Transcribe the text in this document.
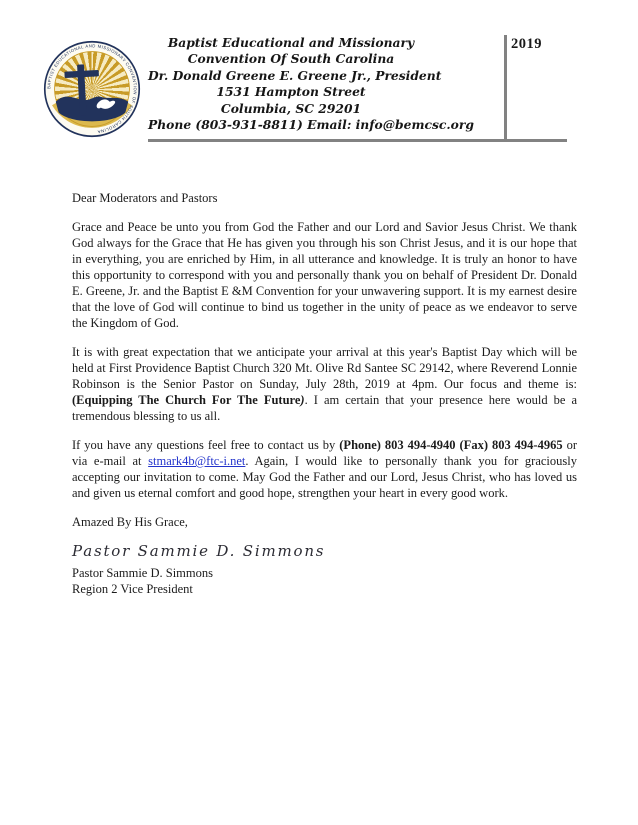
BAPTIST EDUCATIONAL AND MISSIONARY CONVENTION OF SOUTH CAROLINA
Baptist Educational and Missionary
Convention Of South Carolina
Dr. Donald Greene E. Greene Jr., President
1531 Hampton Street
Columbia, SC 29201
Phone (803-931-8811) Email: info@bemcsc.org
2019

Dear Moderators and Pastors

Grace and Peace be unto you from God the Father and our Lord and Savior Jesus Christ. We thank God always for the Grace that He has given you through his son Christ Jesus, and it is our hope that in everything, you are enriched by Him, in all utterance and knowledge. It is truly an honor to have this opportunity to correspond with you and personally thank you on behalf of President Dr. Donald E. Greene, Jr. and the Baptist E &M Convention for your unwavering support. It is my earnest desire that the love of God will continue to bind us together in the unity of peace as we endeavor to serve the Kingdom of God.

It is with great expectation that we anticipate your arrival at this year's Baptist Day which will be held at First Providence Baptist Church 320 Mt. Olive Rd Santee SC 29142, where Reverend Lonnie Robinson is the Senior Pastor on Sunday, July 28th, 2019 at 4pm. Our focus and theme is: (Equipping The Church For The Future). I am certain that your presence here would be a tremendous blessing to us all.

If you have any questions feel free to contact us by (Phone) 803 494-4940 (Fax) 803 494-4965 or via e-mail at stmark4b@ftc-i.net. Again, I would like to personally thank you for graciously accepting our invitation to come. May God the Father and our Lord, Jesus Christ, who has loved us and given us eternal comfort and good hope, strengthen your heart in every good work.

Amazed By His Grace,

Pastor Sammie D. Simmons
Pastor Sammie D. Simmons
Region 2 Vice President
